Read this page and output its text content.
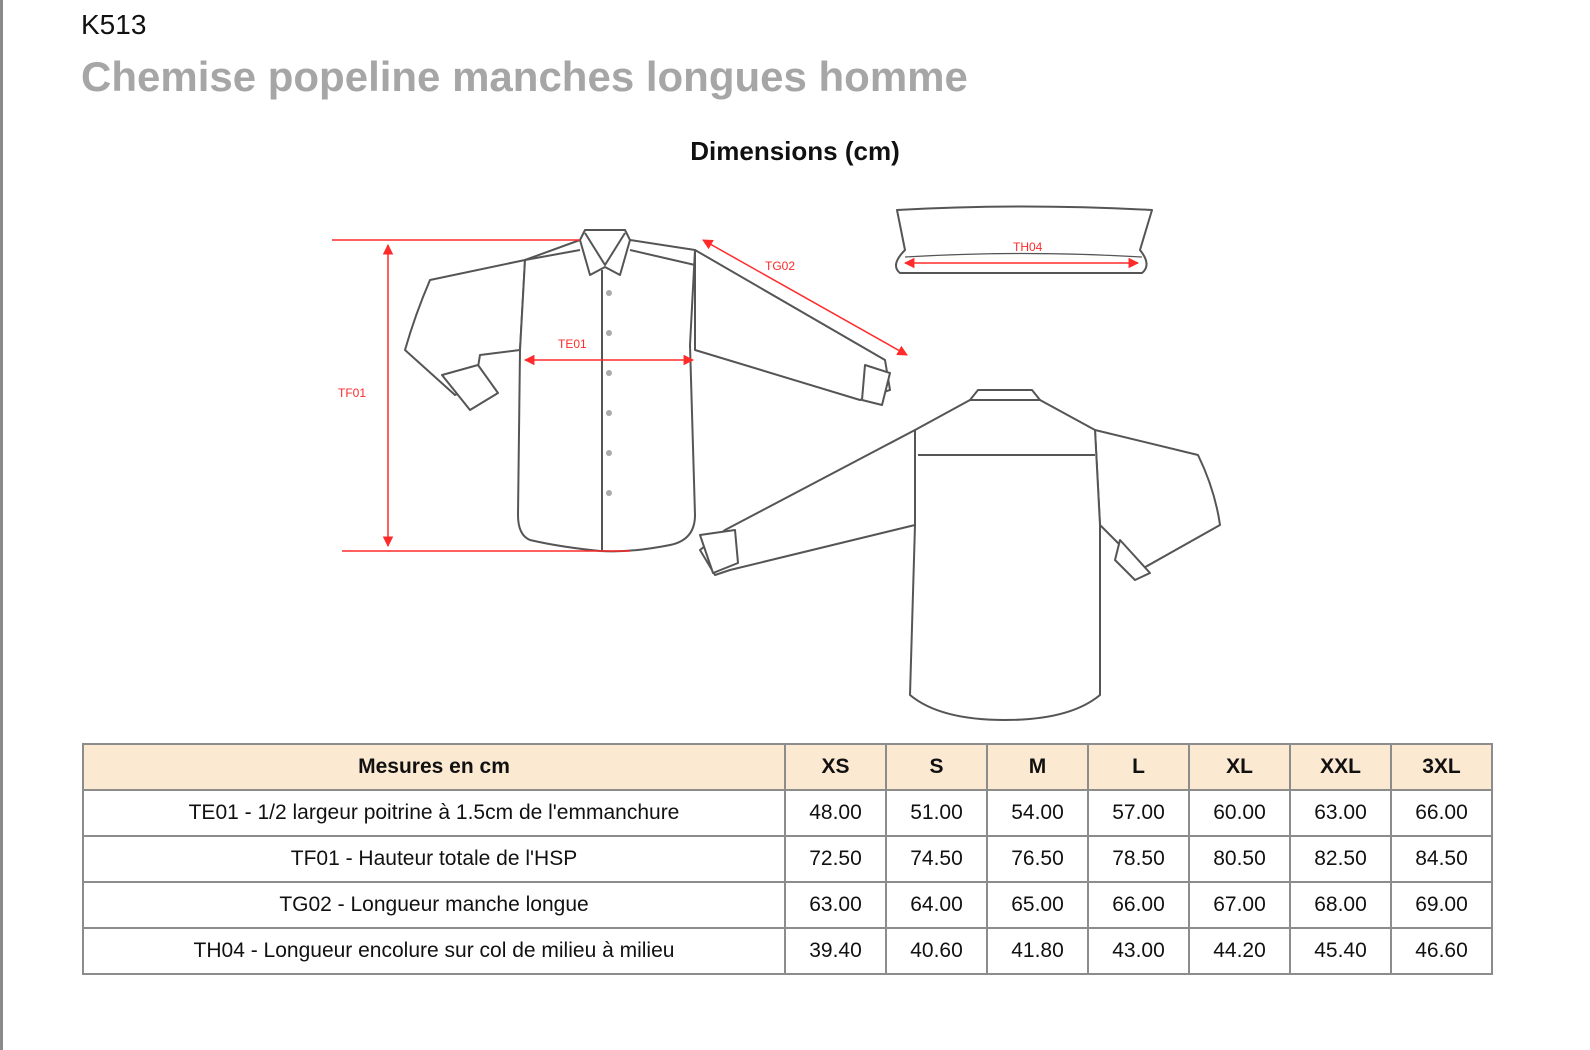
K513
Chemise popeline manches longues homme
Dimensions (cm)
TF01
TE01
TG02
TH04
Mesures en cm	XS	S	M	L	XL	XXL	3XL
TE01 - 1/2 largeur poitrine à 1.5cm de l'emmanchure	48.00	51.00	54.00	57.00	60.00	63.00	66.00
TF01 - Hauteur totale de l'HSP	72.50	74.50	76.50	78.50	80.50	82.50	84.50
TG02 - Longueur manche longue	63.00	64.00	65.00	66.00	67.00	68.00	69.00
TH04 - Longueur encolure sur col de milieu à milieu	39.40	40.60	41.80	43.00	44.20	45.40	46.60
